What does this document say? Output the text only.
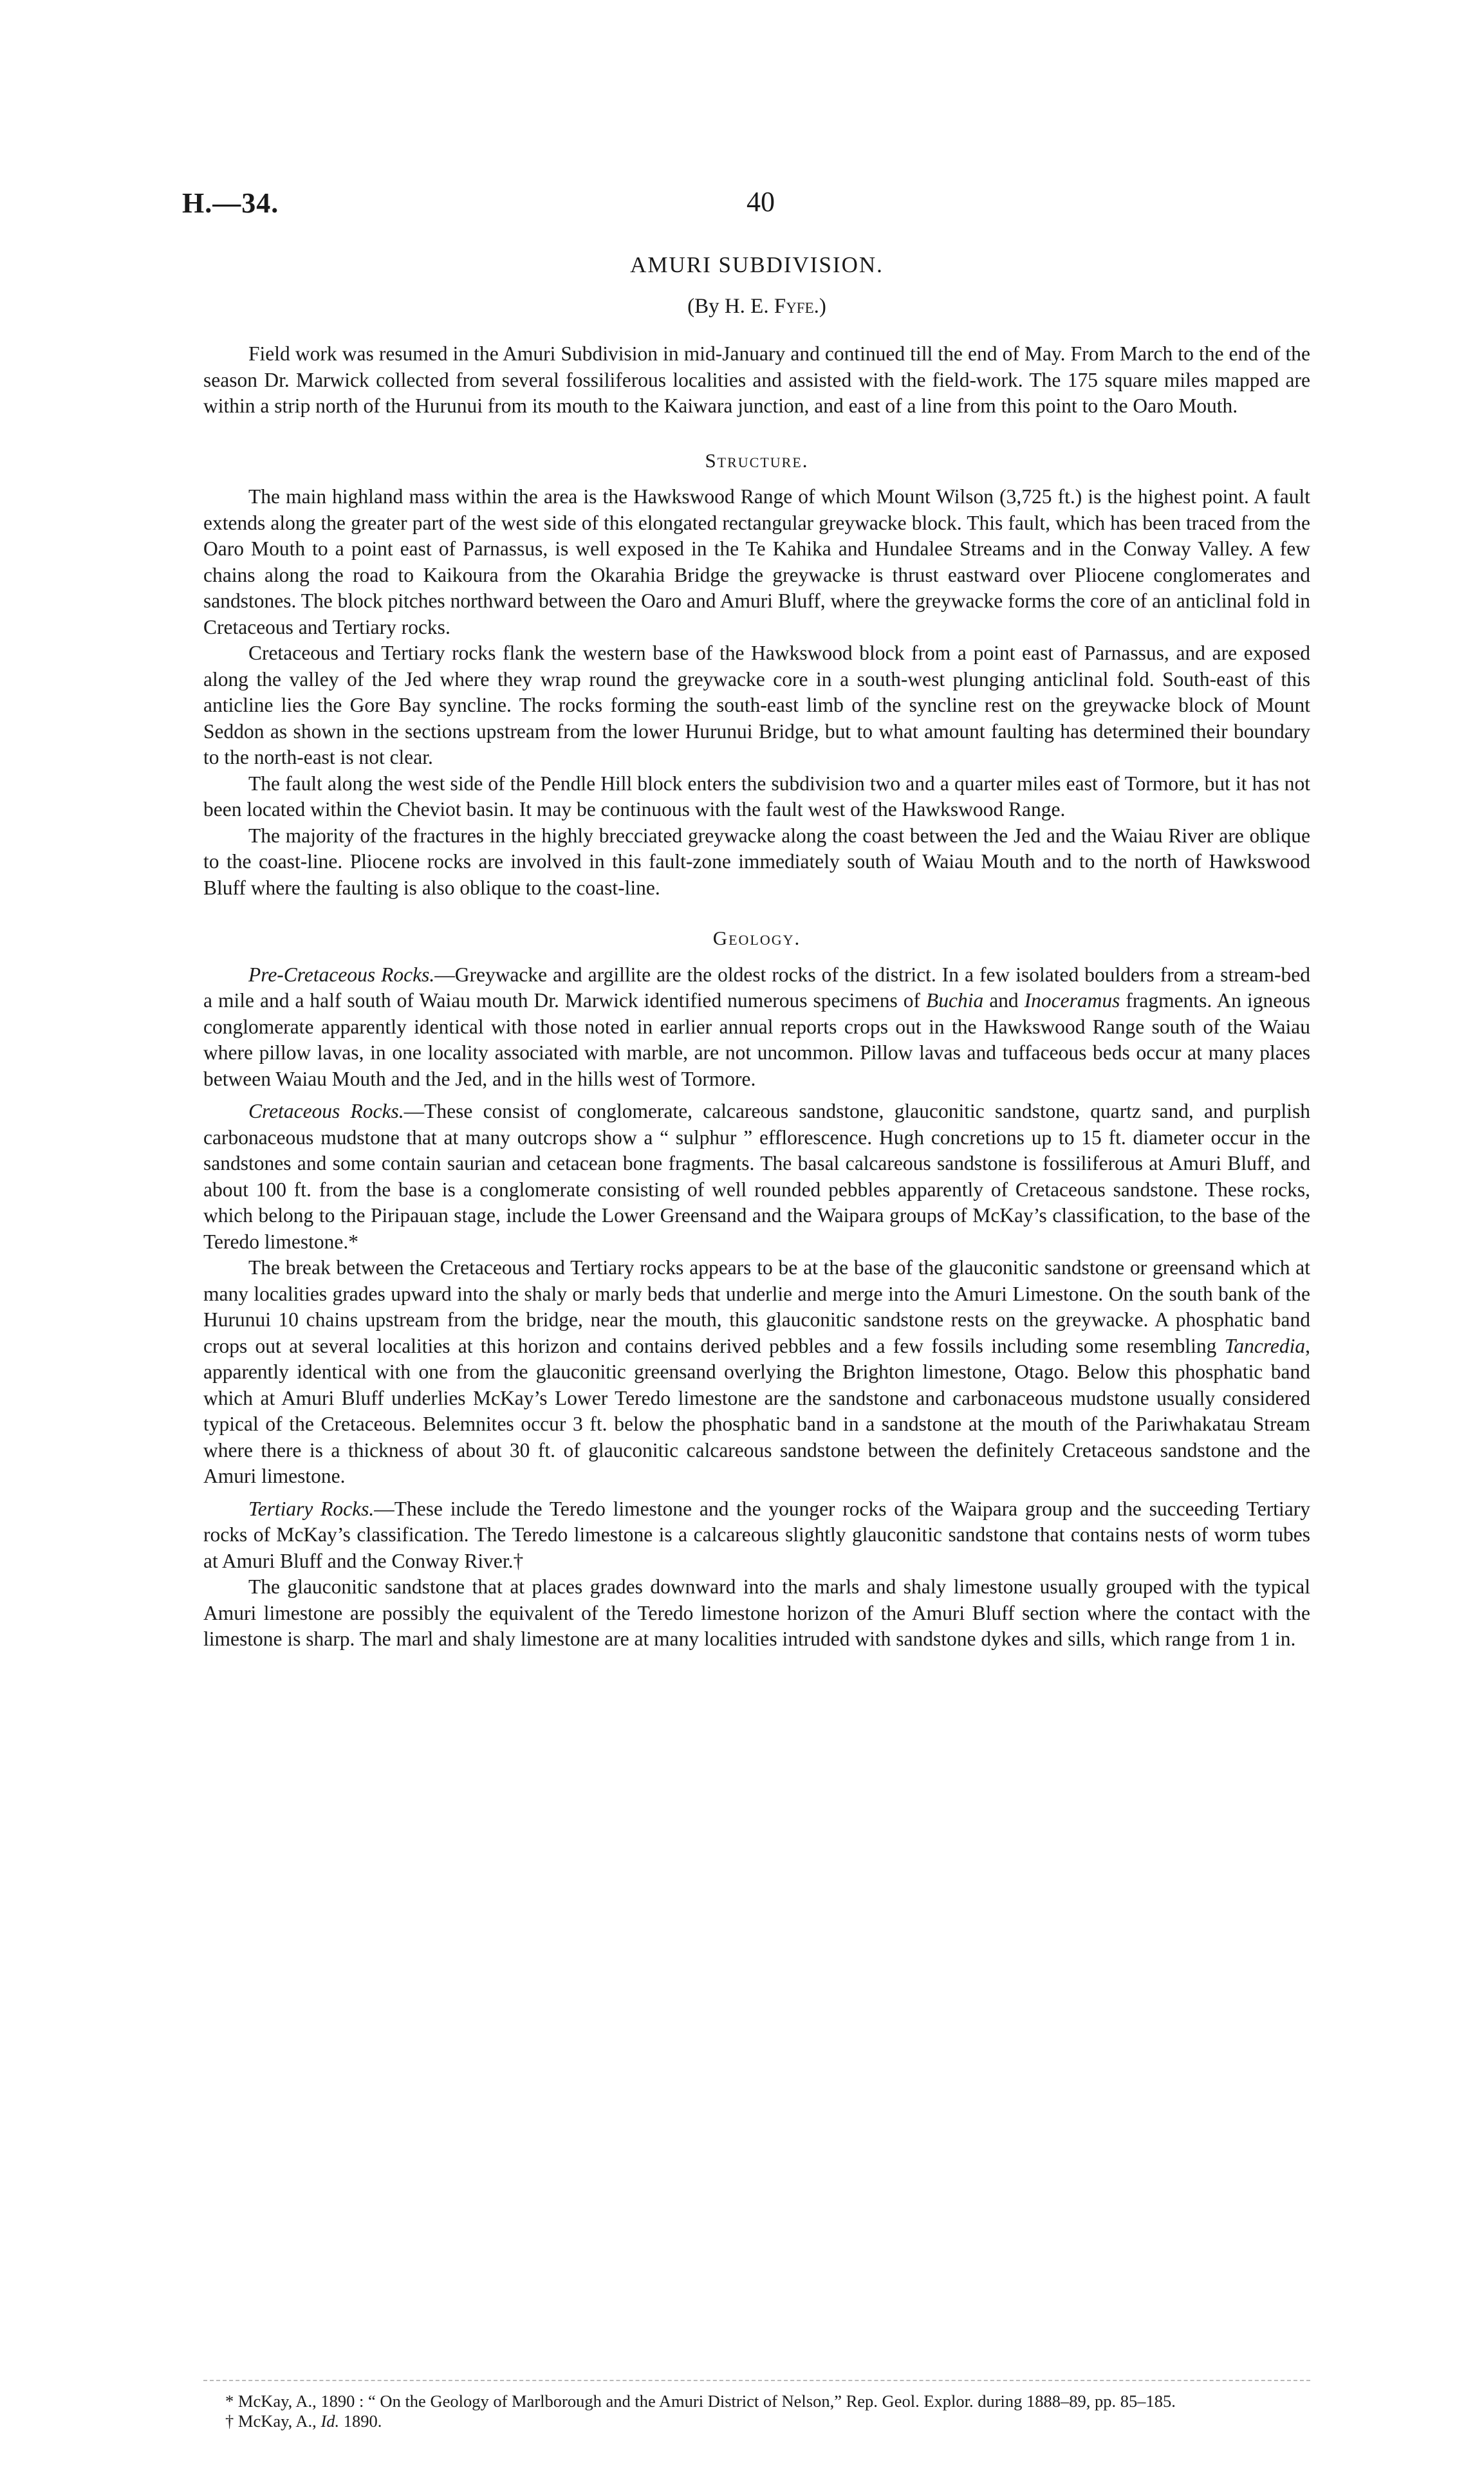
H.—34.	40
AMURI SUBDIVISION.
(By H. E. Fyfe.)

Field work was resumed in the Amuri Subdivision in mid-January and continued till the end of May. From March to the end of the season Dr. Marwick collected from several fossiliferous localities and assisted with the field-work. The 175 square miles mapped are within a strip north of the Hurunui from its mouth to the Kaiwara junction, and east of a line from this point to the Oaro Mouth.

Structure.

The main highland mass within the area is the Hawkswood Range of which Mount Wilson (3,725 ft.) is the highest point. A fault extends along the greater part of the west side of this elongated rectangular greywacke block. This fault, which has been traced from the Oaro Mouth to a point east of Parnassus, is well exposed in the Te Kahika and Hundalee Streams and in the Conway Valley. A few chains along the road to Kaikoura from the Okarahia Bridge the greywacke is thrust eastward over Pliocene conglomerates and sandstones. The block pitches northward between the Oaro and Amuri Bluff, where the greywacke forms the core of an anticlinal fold in Cretaceous and Tertiary rocks.

Cretaceous and Tertiary rocks flank the western base of the Hawkswood block from a point east of Parnassus, and are exposed along the valley of the Jed where they wrap round the greywacke core in a south-west plunging anticlinal fold. South-east of this anticline lies the Gore Bay syncline. The rocks forming the south-east limb of the syncline rest on the greywacke block of Mount Seddon as shown in the sections upstream from the lower Hurunui Bridge, but to what amount faulting has determined their boundary to the north-east is not clear.

The fault along the west side of the Pendle Hill block enters the subdivision two and a quarter miles east of Tormore, but it has not been located within the Cheviot basin. It may be continuous with the fault west of the Hawkswood Range.

The majority of the fractures in the highly brecciated greywacke along the coast between the Jed and the Waiau River are oblique to the coast-line. Pliocene rocks are involved in this fault-zone immediately south of Waiau Mouth and to the north of Hawkswood Bluff where the faulting is also oblique to the coast-line.

Geology.

Pre-Cretaceous Rocks.—Greywacke and argillite are the oldest rocks of the district. In a few isolated boulders from a stream-bed a mile and a half south of Waiau mouth Dr. Marwick identified numerous specimens of Buchia and Inoceramus fragments. An igneous conglomerate apparently identical with those noted in earlier annual reports crops out in the Hawkswood Range south of the Waiau where pillow lavas, in one locality associated with marble, are not uncommon. Pillow lavas and tuffaceous beds occur at many places between Waiau Mouth and the Jed, and in the hills west of Tormore.

Cretaceous Rocks.—These consist of conglomerate, calcareous sandstone, glauconitic sandstone, quartz sand, and purplish carbonaceous mudstone that at many outcrops show a “ sulphur ” efflorescence. Hugh concretions up to 15 ft. diameter occur in the sandstones and some contain saurian and cetacean bone fragments. The basal calcareous sandstone is fossiliferous at Amuri Bluff, and about 100 ft. from the base is a conglomerate consisting of well rounded pebbles apparently of Cretaceous sandstone. These rocks, which belong to the Piripauan stage, include the Lower Greensand and the Waipara groups of McKay’s classification, to the base of the Teredo limestone.*

The break between the Cretaceous and Tertiary rocks appears to be at the base of the glauconitic sandstone or greensand which at many localities grades upward into the shaly or marly beds that underlie and merge into the Amuri Limestone. On the south bank of the Hurunui 10 chains upstream from the bridge, near the mouth, this glauconitic sandstone rests on the greywacke. A phosphatic band crops out at several localities at this horizon and contains derived pebbles and a few fossils including some resembling Tancredia, apparently identical with one from the glauconitic greensand overlying the Brighton limestone, Otago. Below this phosphatic band which at Amuri Bluff underlies McKay’s Lower Teredo limestone are the sandstone and carbonaceous mudstone usually considered typical of the Cretaceous. Belemnites occur 3 ft. below the phosphatic band in a sandstone at the mouth of the Pariwhakatau Stream where there is a thickness of about 30 ft. of glauconitic calcareous sandstone between the definitely Cretaceous sandstone and the Amuri limestone.

Tertiary Rocks.—These include the Teredo limestone and the younger rocks of the Waipara group and the succeeding Tertiary rocks of McKay’s classification. The Teredo limestone is a calcareous slightly glauconitic sandstone that contains nests of worm tubes at Amuri Bluff and the Conway River.†

The glauconitic sandstone that at places grades downward into the marls and shaly limestone usually grouped with the typical Amuri limestone are possibly the equivalent of the Teredo limestone horizon of the Amuri Bluff section where the contact with the limestone is sharp. The marl and shaly limestone are at many localities intruded with sandstone dykes and sills, which range from 1 in.

* McKay, A., 1890 : “ On the Geology of Marlborough and the Amuri District of Nelson,” Rep. Geol. Explor. during 1888–89, pp. 85–185.

† McKay, A., Id. 1890.
